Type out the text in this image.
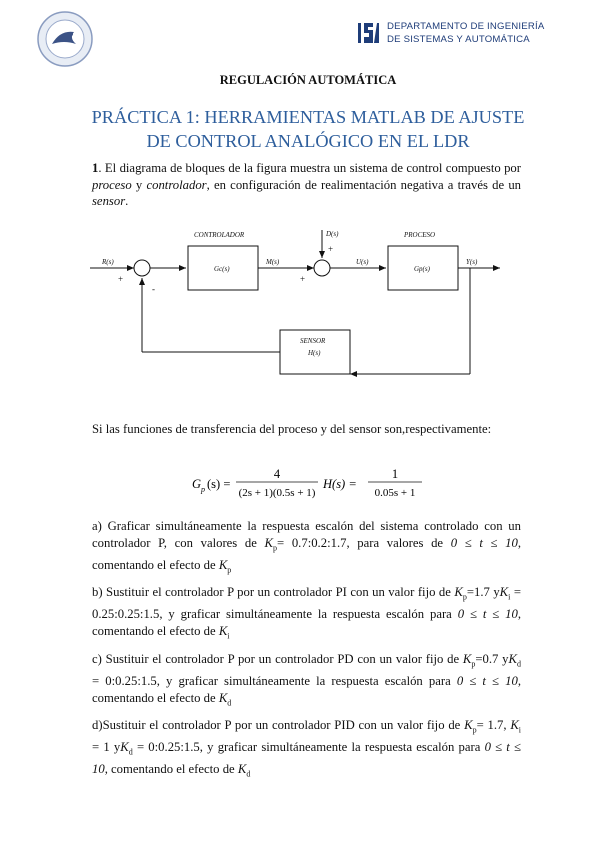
DEPARTAMENTO DE INGENIERÍA
DE SISTEMAS Y AUTOMÁTICA
REGULACIÓN AUTOMÁTICA
PRÁCTICA 1: HERRAMIENTAS MATLAB DE AJUSTE DE CONTROL ANALÓGICO EN EL LDR
1. El diagrama de bloques de la figura muestra un sistema de control compuesto por proceso y controlador, en configuración de realimentación negativa a través de un sensor.
CONTROLADOR	PROCESO
SENSOR
Gc(s)	Gp(s)
H(s)
R(s)	M(s)
D(s)
U(s)	Y(s)
+
-
+
+
Si las funciones de transferencia del proceso y del sensor son,respectivamente:
G p (s) =
4
(2s + 1)(0.5s + 1)
H(s) =
1
0.05s + 1
a) Graficar simultáneamente la respuesta escalón del sistema controlado con un controlador P, con valores de $K_p=$ 0.7:0.2:1.7, para valores de 0 ≤ t ≤ 10, comentando el efecto de $K_p$
b) Sustituir el controlador P por un controlador PI con un valor fijo de $K_p=1.7$ $yK_i$ = 0.25:0.25:1.5, y graficar simultáneamente la respuesta escalón para 0 ≤ t ≤ 10, comentando el efecto de $K_i$
c) Sustituir el controlador P por un controlador PD con un valor fijo de $K_p=0.7$ $yK_d$ = 0:0.25:1.5, y graficar simultáneamente la respuesta escalón para 0 ≤ t ≤ 10, comentando el efecto de $K_d$
d)Sustituir el controlador P por un controlador PID con un valor fijo de $K_p= 1.7$, $K_i = 1$ $yK_d$ = 0:0.25:1.5, y graficar simultáneamente la respuesta escalón para 0 ≤ t ≤ 10, comentando el efecto de $K_d$
